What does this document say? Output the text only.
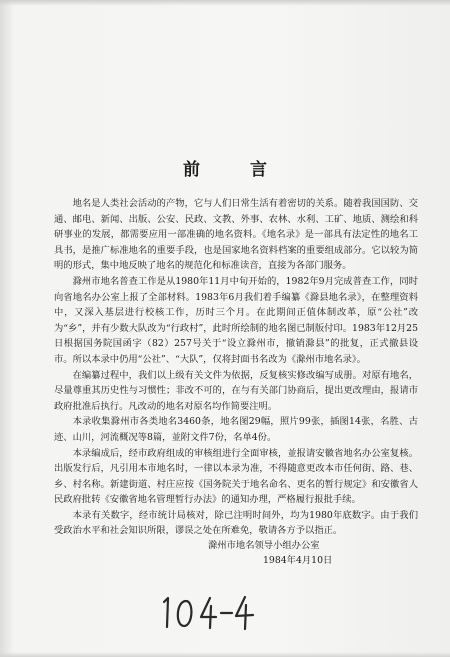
前 言

地名是人类社会活动的产物，它与人们日常生活有着密切的关系。随着我国国防、交通、邮电、新闻、出版、公安、民政、文教、外事、农林、水利、工矿、地质、测绘和科研事业的发展，都需要应用一部准确的地名资料。《地名录》是一部具有法定性的地名工具书，是推广标准地名的重要手段，也是国家地名资料档案的重要组成部分。它以较为简明的形式，集中地反映了地名的规范化和标准读音，直接为各部门服务。

滁州市地名普查工作是从1980年11月中旬开始的，1982年9月完成普查工作，同时向省地名办公室上报了全部材料。1983年6月我们着手编纂《滁县地名录》，在整理资料中，又深入基层进行校核工作，历时三个月。在此期间正值体制改革，原“公社”改为“乡”，并有少数大队改为“行政村”，此时所绘制的地名图已制版付印。1983年12月25日根据国务院国函字（82）257号关于“设立滁州市，撤销滁县”的批复，正式撤县设市。所以本录中仍用“公社”、“大队”，仅将封面书名改为《滁州市地名录》。

在编纂过程中，我们以上级有关文件为依据，反复核实修改编写成册。对原有地名，尽量尊重其历史性与习惯性；非改不可的，在与有关部门协商后，提出更改理由，报请市政府批准后执行。凡改动的地名对原名均作简要注明。

本录收集滁州市各类地名3460条，地名图29幅，照片99张，插图14张，名胜、古迹、山川，河流概况等8篇，並附文件7份，名单4份。

本录编成后，经市政府组成的审核组进行全面审核，並报请安徽省地名办公室复核。出版发行后，凡引用本市地名时，一律以本录为准，不得随意更改本市任何街、路、巷、乡、村名称。新建街道、村庄应按《国务院关于地名命名、更名的暂行规定》和安徽省人民政府批转《安徽省地名管理暂行办法》的通知办理，严格履行报批手续。

本录有关数字，经市统计局核对，除已注明时间外，均为1980年底数字。由于我们受政治水平和社会知识所限，谬误之处在所难免，敬请各方予以指正。

滁州市地名领导小组办公室
1984年4月10日
